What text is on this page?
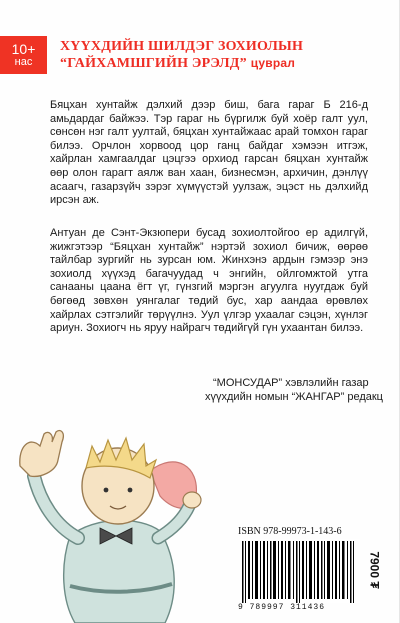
10+
нас
ХҮҮХДИЙН ШИЛДЭГ ЗОХИОЛЫН
“ГАЙХАМШГИЙН ЭРЭЛД” цуврал

Бяцхан хунтайж дэлхий дээр биш, бага гараг Б 216-д амьдардаг байжээ. Тэр гараг нь бүргилж буй хоёр галт уул, сөнсөн нэг галт уултай, бяцхан хунтайжаас арай томхон гараг билээ. Орчлон хорвоод цор ганц байдаг хэмээн итгэж, хайрлан хамгаалдаг цэцгээ орхиод гарсан бяцхан хунтайж өөр олон гарагт аялж ван хаан, бизнесмэн, архичин, дэнлүү асаагч, газарзүйч зэрэг хүмүүстэй уулзаж, эцэст нь дэлхийд ирсэн аж.

Антуан де Сэнт-Экзюпери бусад зохиолтойгоо ер адилгүй, жижгэтээр “Бяцхан хунтайж” нэртэй зохиол бичиж, өөрөө тайлбар зургийг нь зурсан юм. Жинхэнэ ардын гэмээр энэ зохиолд хүүхэд багачуудад ч энгийн, ойлгомжтой утга санааны цаана ёгт үг, гүнзгий мэргэн агуулга нуугдаж буй бөгөөд зөвхөн уянгалаг төдий бус, хар аандаа өрөвлөх хайрлах сэтгэлийг төрүүлнэ. Уул үлгэр ухаалаг сэцэн, хүнлэг ариун. Зохиогч нь яруу найрагч төдийгүй гүн ухаантан билээ.

“МОНСУДАР” хэвлэлийн газар
хүүхдийн номын “ЖАНГАР” редакц
ISBN 978-99973-1-143-6
9 789997 311436
7900 ₮
